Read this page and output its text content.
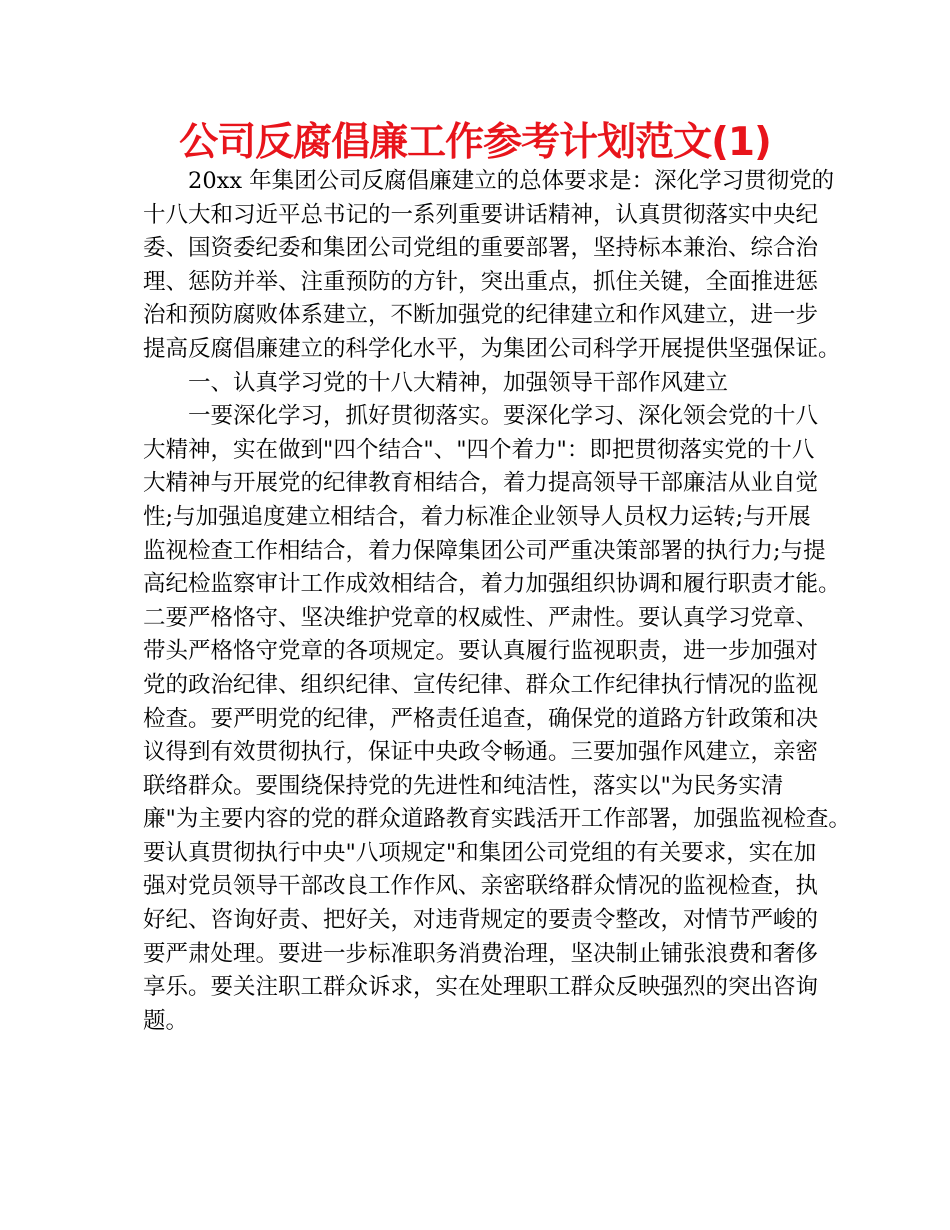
公司反腐倡廉工作参考计划范文(1)
20xx 年集团公司反腐倡廉建立的总体要求是：深化学习贯彻党的
十八大和习近平总书记的一系列重要讲话精神，认真贯彻落实中央纪
委、国资委纪委和集团公司党组的重要部署，坚持标本兼治、综合治
理、惩防并举、注重预防的方针，突出重点，抓住关键，全面推进惩
治和预防腐败体系建立，不断加强党的纪律建立和作风建立，进一步
提高反腐倡廉建立的科学化水平，为集团公司科学开展提供坚强保证。
一、认真学习党的十八大精神，加强领导干部作风建立
一要深化学习，抓好贯彻落实。要深化学习、深化领会党的十八
大精神，实在做到"四个结合"、"四个着力"：即把贯彻落实党的十八
大精神与开展党的纪律教育相结合，着力提高领导干部廉洁从业自觉
性;与加强追度建立相结合，着力标准企业领导人员权力运转;与开展
监视检查工作相结合，着力保障集团公司严重决策部署的执行力;与提
高纪检监察审计工作成效相结合，着力加强组织协调和履行职责才能。
二要严格恪守、坚决维护党章的权威性、严肃性。要认真学习党章、
带头严格恪守党章的各项规定。要认真履行监视职责，进一步加强对
党的政治纪律、组织纪律、宣传纪律、群众工作纪律执行情况的监视
检查。要严明党的纪律，严格责任追查，确保党的道路方针政策和决
议得到有效贯彻执行，保证中央政令畅通。三要加强作风建立，亲密
联络群众。要围绕保持党的先进性和纯洁性，落实以"为民务实清
廉"为主要内容的党的群众道路教育实践活开工作部署，加强监视检查。
要认真贯彻执行中央"八项规定"和集团公司党组的有关要求，实在加
强对党员领导干部改良工作作风、亲密联络群众情况的监视检查，执
好纪、咨询好责、把好关，对违背规定的要责令整改，对情节严峻的
要严肃处理。要进一步标准职务消费治理，坚决制止铺张浪费和奢侈
享乐。要关注职工群众诉求，实在处理职工群众反映强烈的突出咨询
题。
